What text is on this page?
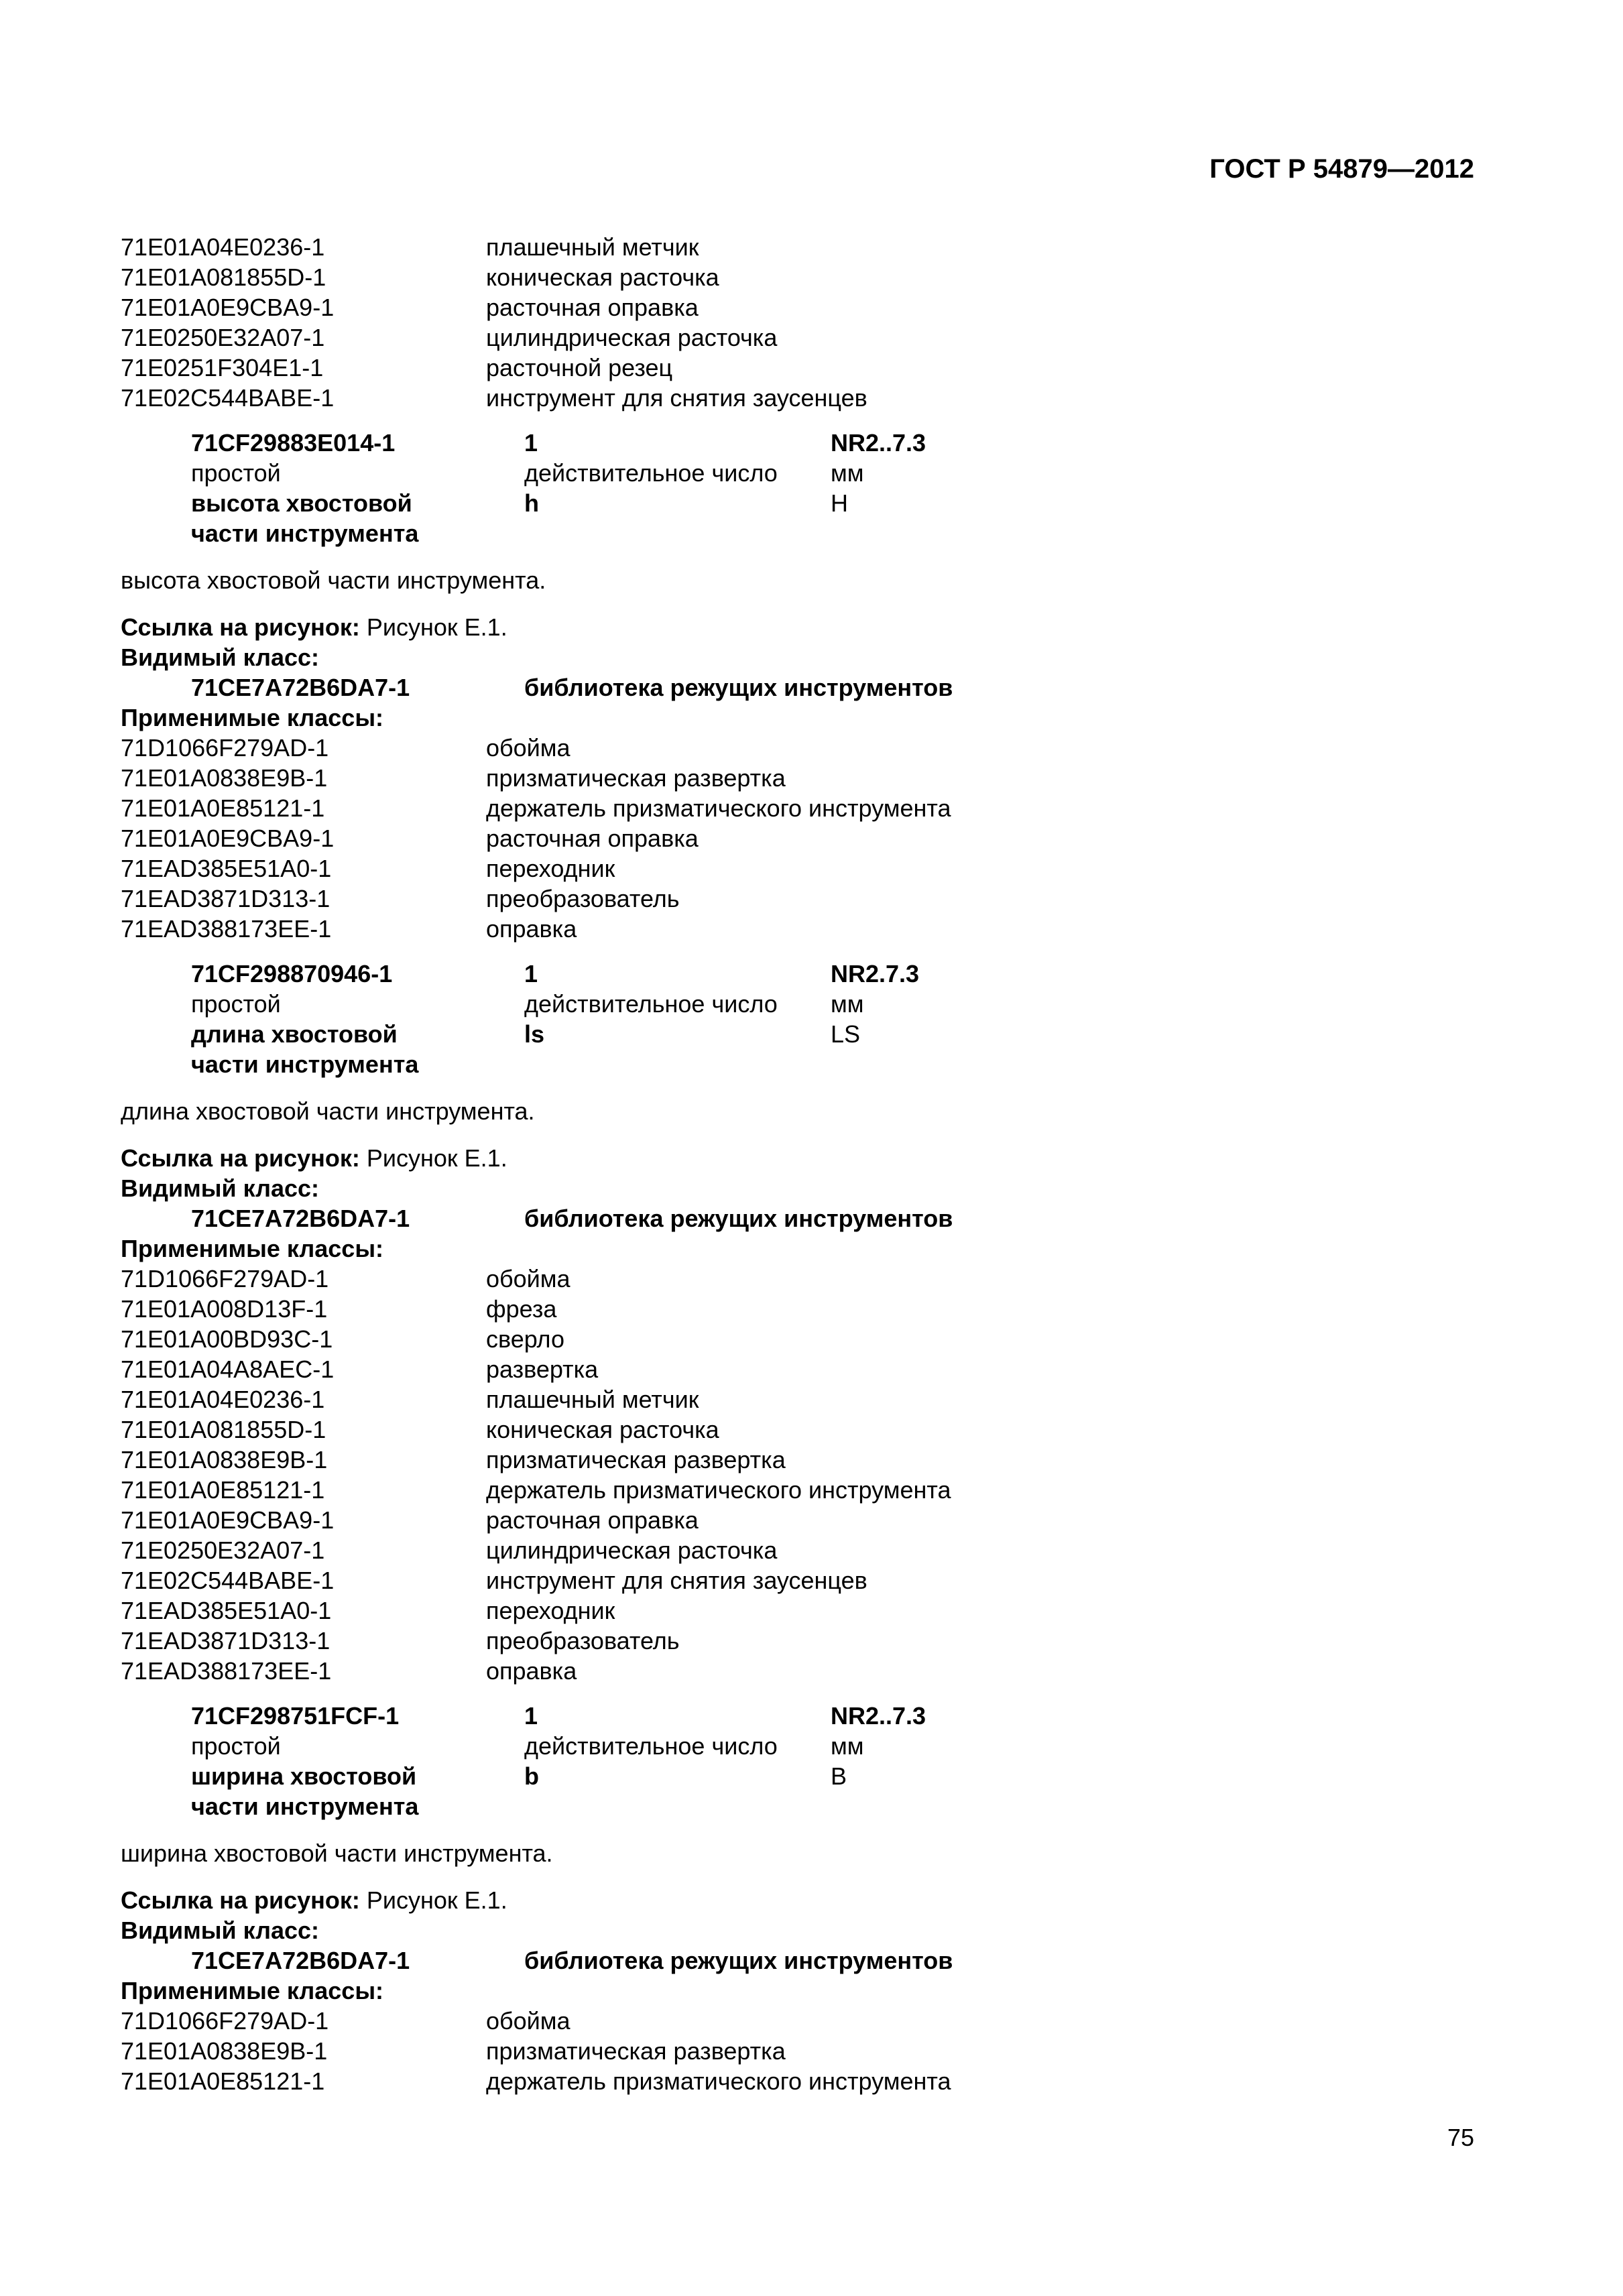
ГОСТ Р 54879—2012
71E01A04E0236-1	плашечный метчик
71E01A081855D-1	коническая расточка
71E01A0E9CBA9-1	расточная оправка
71E0250E32A07-1	цилиндрическая расточка
71E0251F304E1-1	расточной резец
71E02C544BABE-1	инструмент для снятия заусенцев
71CF29883E014-1	1	NR2..7.3
простой	действительное число	мм
высота хвостовой	h	H
части инструмента
высота хвостовой части инструмента.
Ссылка на рисунок: Рисунок Е.1.
Видимый класс:
71CE7A72B6DA7-1	библиотека режущих инструментов
Применимые классы:
71D1066F279AD-1	обойма
71E01A0838E9B-1	призматическая развертка
71E01A0E85121-1	держатель призматического инструмента
71E01A0E9CBA9-1	расточная оправка
71EAD385E51A0-1	переходник
71EAD3871D313-1	преобразователь
71EAD388173EE-1	оправка
71CF298870946-1	1	NR2.7.3
простой	действительное число	мм
длина хвостовой	ls	LS
части инструмента
длина хвостовой части инструмента.
Ссылка на рисунок: Рисунок Е.1.
Видимый класс:
71CE7A72B6DA7-1	библиотека режущих инструментов
Применимые классы:
71D1066F279AD-1	обойма
71E01A008D13F-1	фреза
71E01A00BD93C-1	сверло
71E01A04A8AEC-1	развертка
71E01A04E0236-1	плашечный метчик
71E01A081855D-1	коническая расточка
71E01A0838E9B-1	призматическая развертка
71E01A0E85121-1	держатель призматического инструмента
71E01A0E9CBA9-1	расточная оправка
71E0250E32A07-1	цилиндрическая расточка
71E02C544BABE-1	инструмент для снятия заусенцев
71EAD385E51A0-1	переходник
71EAD3871D313-1	преобразователь
71EAD388173EE-1	оправка
71CF298751FCF-1	1	NR2..7.3
простой	действительное число	мм
ширина хвостовой	b	B
части инструмента
ширина хвостовой части инструмента.
Ссылка на рисунок: Рисунок Е.1.
Видимый класс:
71CE7A72B6DA7-1	библиотека режущих инструментов
Применимые классы:
71D1066F279AD-1	обойма
71E01A0838E9B-1	призматическая развертка
71E01A0E85121-1	держатель призматического инструмента
75
